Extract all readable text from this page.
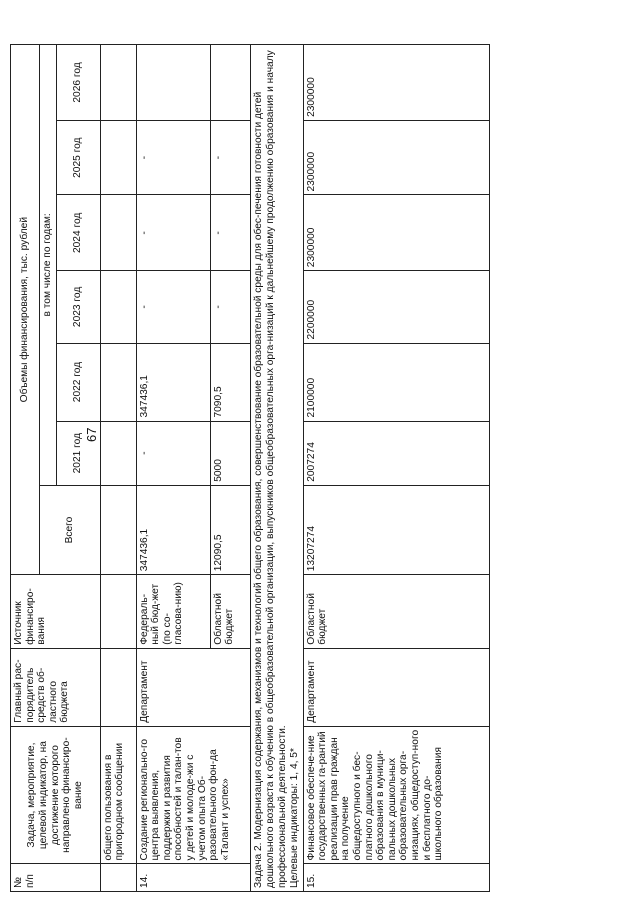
67
№ п/п	Задача, мероприятие, целевой индикатор, на достижение которого направлено финансиро-вание	Главный рас-порядитель средств об-ластного бюджета	Источник финансиро-вания	Объемы финансирования, тыс. рублей						
				Всего	в том числе по годам:					
					2021 год	2022 год	2023 год	2024 год	2025 год	2026 год
	общего пользования в пригородном сообщении									
14.	Создание регионально-го центра выявления, поддержки и развития способностей и талан-тов у детей и молоде-жи с учетом опыта Об-разовательного фон-да «Талант и успех»	Департамент	Федераль-ный бюд-жет (по со-гласова-нию)	347436,1	-	347436,1	-	-	-	
			Областной бюджет	12090,5	5000	7090,5	-	-	-	

Задача 2. Модернизация содержания, механизмов и технологий общего образования, совершенствование образовательной среды для обес-печения готовности детей дошкольного возраста к обучению в общеобразовательной организации, выпускников общеобразовательных орга-низаций к дальнейшему продолжению образования и началу профессиональной деятельности. Целевые индикаторы: 1, 4, 5*										

15.	Финансовое обеспече-ние государственных га-рантий реализации прав граждан на получение общедоступного и бес-платного дошкольного образования в муници-пальных дошкольных образовательных орга-низациях, общедоступ-ного и бесплатного до-школьного образования	Департамент	Областной бюджет	13207274	2007274	2100000	2200000	2300000	2300000	2300000
